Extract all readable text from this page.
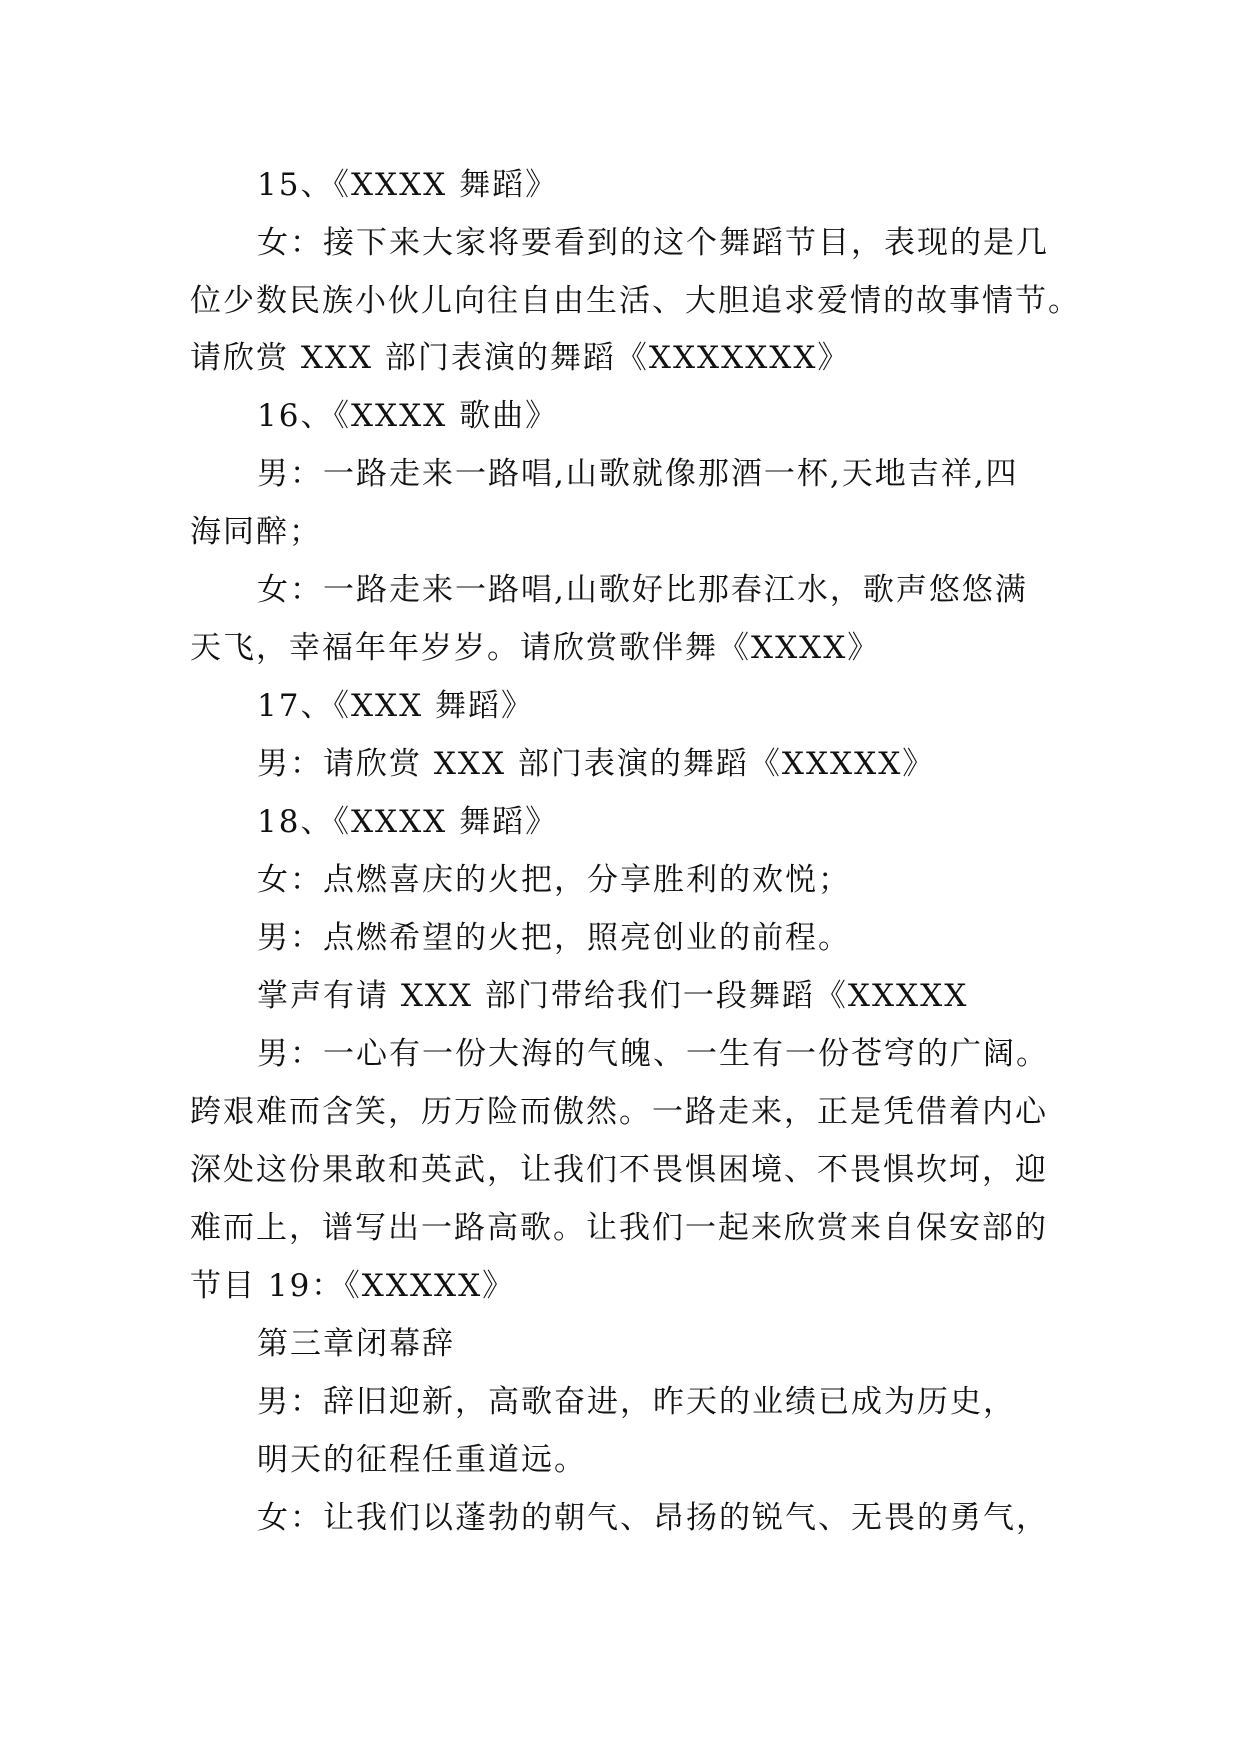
15、《XXXX 舞蹈》
女：接下来大家将要看到的这个舞蹈节目，表现的是几
位少数民族小伙儿向往自由生活、大胆追求爱情的故事情节。
请欣赏 XXX 部门表演的舞蹈《XXXXXXX》
16、《XXXX 歌曲》
男：一路走来一路唱,山歌就像那酒一杯,天地吉祥,四
海同醉；
女：一路走来一路唱,山歌好比那春江水，歌声悠悠满
天飞，幸福年年岁岁。请欣赏歌伴舞《XXXX》
17、《XXX 舞蹈》
男：请欣赏 XXX 部门表演的舞蹈《XXXXX》
18、《XXXX 舞蹈》
女：点燃喜庆的火把，分享胜利的欢悦；
男：点燃希望的火把，照亮创业的前程。
掌声有请 XXX 部门带给我们一段舞蹈《XXXXX
男：一心有一份大海的气魄、一生有一份苍穹的广阔。
跨艰难而含笑，历万险而傲然。一路走来，正是凭借着内心
深处这份果敢和英武，让我们不畏惧困境、不畏惧坎坷，迎
难而上，谱写出一路高歌。让我们一起来欣赏来自保安部的
节目 19：《XXXXX》
第三章闭幕辞
男：辞旧迎新，高歌奋进，昨天的业绩已成为历史，
明天的征程任重道远。
女：让我们以蓬勃的朝气、昂扬的锐气、无畏的勇气，
